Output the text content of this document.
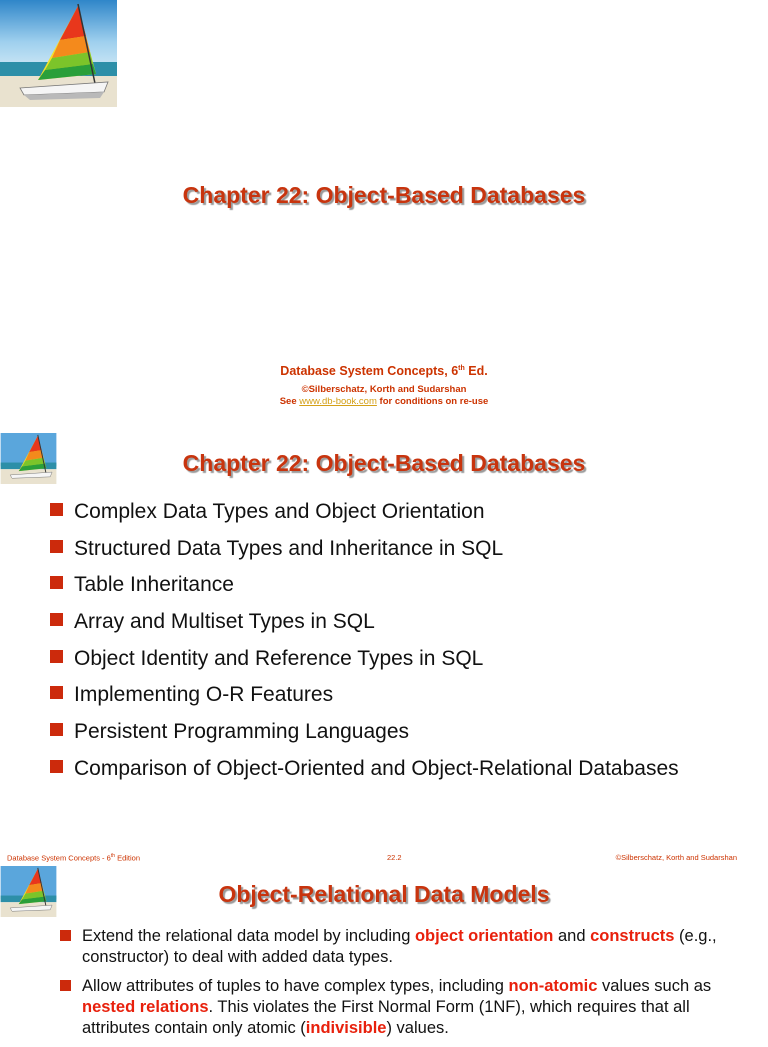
Chapter 22: Object-Based Databases
Database System Concepts, 6th Ed.
©Silberschatz, Korth and Sudarshan
See www.db-book.com for conditions on re-use
Chapter 22: Object-Based Databases
Complex Data Types and Object Orientation
Structured Data Types and Inheritance in SQL
Table Inheritance
Array and Multiset Types in SQL
Object Identity and Reference Types in SQL
Implementing O-R Features
Persistent Programming Languages
Comparison of Object-Oriented and Object-Relational Databases
Database System Concepts - 6th Edition	22.2	©Silberschatz, Korth and Sudarshan
Object-Relational Data Models
Extend the relational data model by including object orientation and constructs (e.g., constructor) to deal with added data types.
Allow attributes of tuples to have complex types, including non-atomic values such as nested relations. This violates the First Normal Form (1NF), which requires that all attributes contain only atomic (indivisible) values.
